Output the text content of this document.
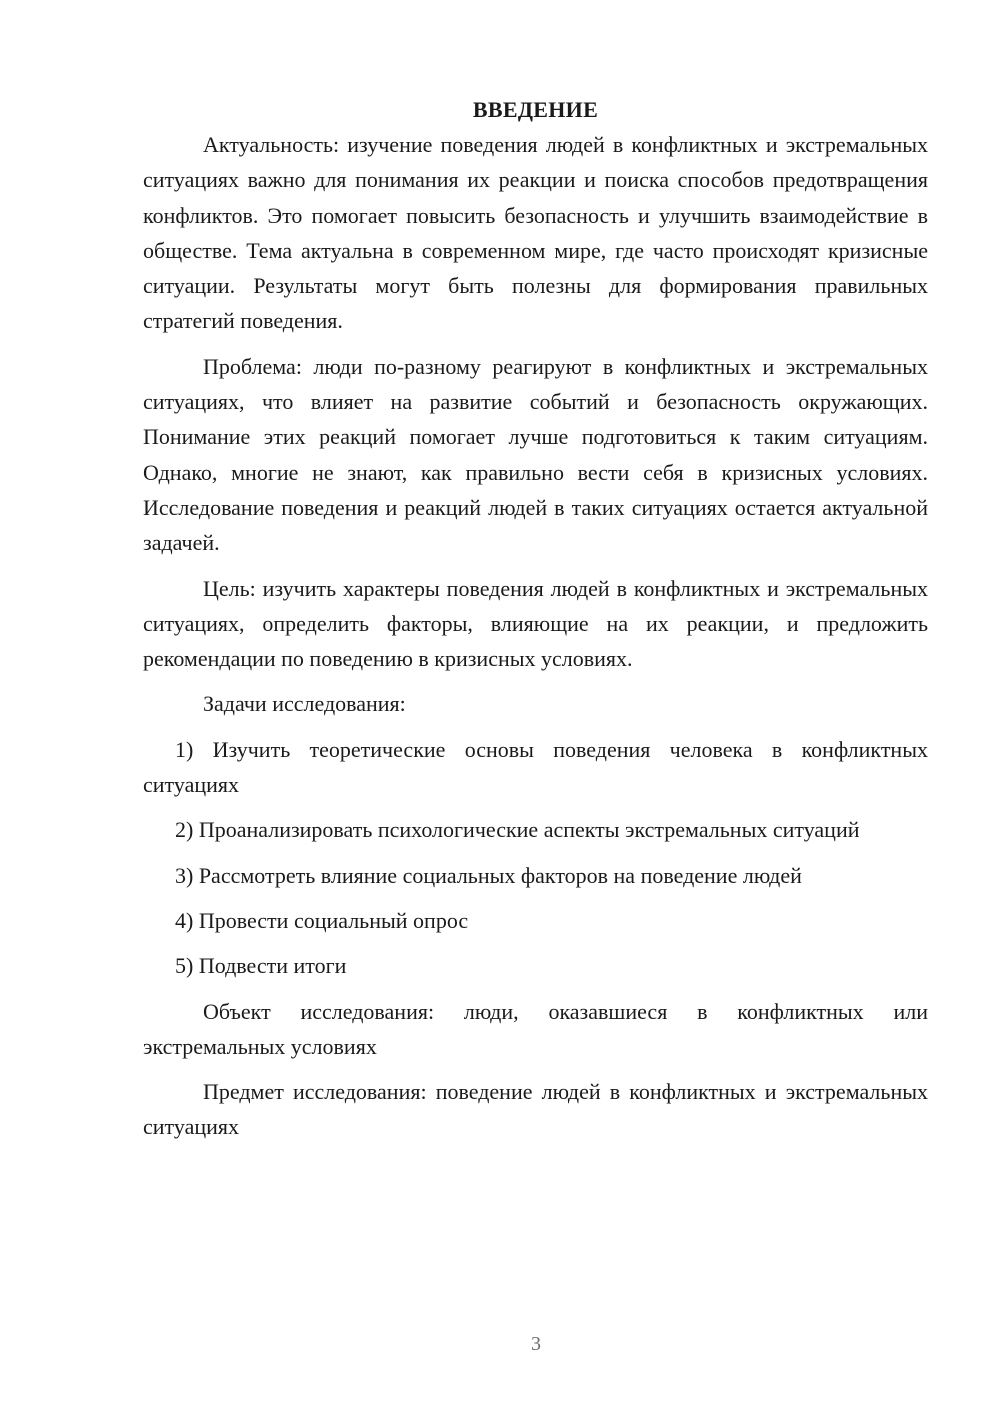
ВВЕДЕНИЕ

Актуальность: изучение поведения людей в конфликтных и экстремальных ситуациях важно для понимания их реакции и поиска способов предотвращения конфликтов. Это помогает повысить безопасность и улучшить взаимодействие в обществе. Тема актуальна в современном мире, где часто происходят кризисные ситуации. Результаты могут быть полезны для формирования правильных стратегий поведения.

Проблема: люди по-разному реагируют в конфликтных и экстремальных ситуациях, что влияет на развитие событий и безопасность окружающих. Понимание этих реакций помогает лучше подготовиться к таким ситуациям. Однако, многие не знают, как правильно вести себя в кризисных условиях. Исследование поведения и реакций людей в таких ситуациях остается актуальной задачей.

Цель: изучить характеры поведения людей в конфликтных и экстремальных ситуациях, определить факторы, влияющие на их реакции, и предложить рекомендации по поведению в кризисных условиях.

Задачи исследования:

1) Изучить теоретические основы поведения человека в конфликтных ситуациях

2) Проанализировать психологические аспекты экстремальных ситуаций

3) Рассмотреть влияние социальных факторов на поведение людей

4) Провести социальный опрос

5) Подвести итоги

Объект исследования: люди, оказавшиеся в конфликтных или экстремальных условиях

Предмет исследования: поведение людей в конфликтных и экстремальных ситуациях

3
